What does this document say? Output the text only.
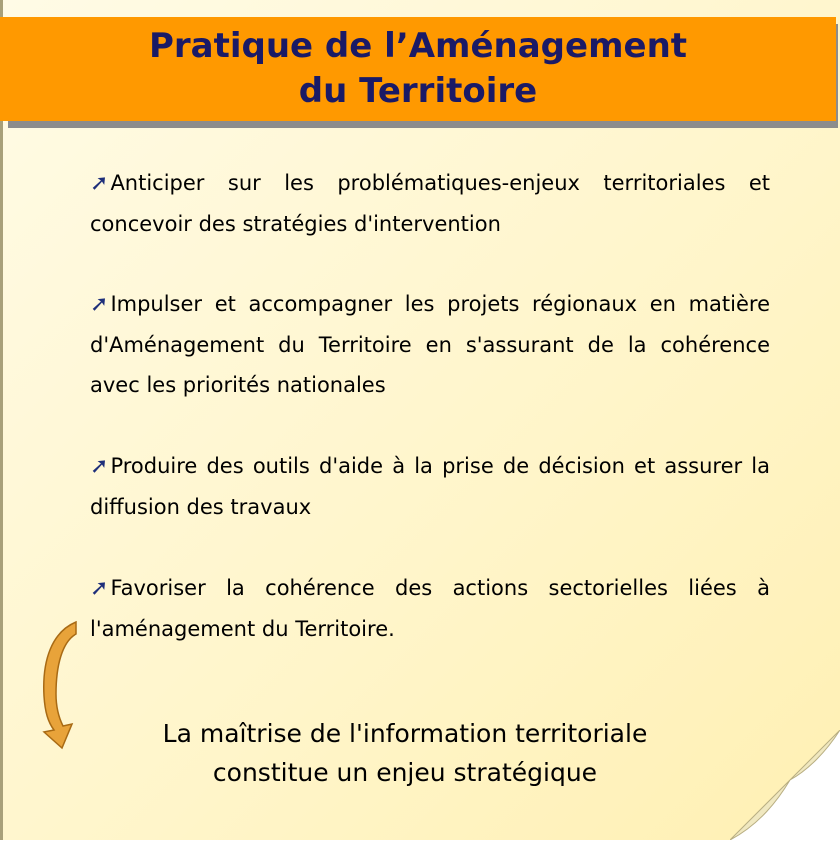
Pratique de l’Aménagement
du Territoire

➚Anticiper sur les problématiques-enjeux territoriales et concevoir des stratégies d'intervention

➚Impulser et accompagner les projets régionaux en matière d'Aménagement du Territoire en s'assurant de la cohérence avec les priorités nationales

➚Produire des outils d'aide à la prise de décision et assurer la diffusion des travaux

➚Favoriser la cohérence des actions sectorielles liées à l'aménagement du Territoire.

La maîtrise de l'information territoriale
constitue un enjeu stratégique
